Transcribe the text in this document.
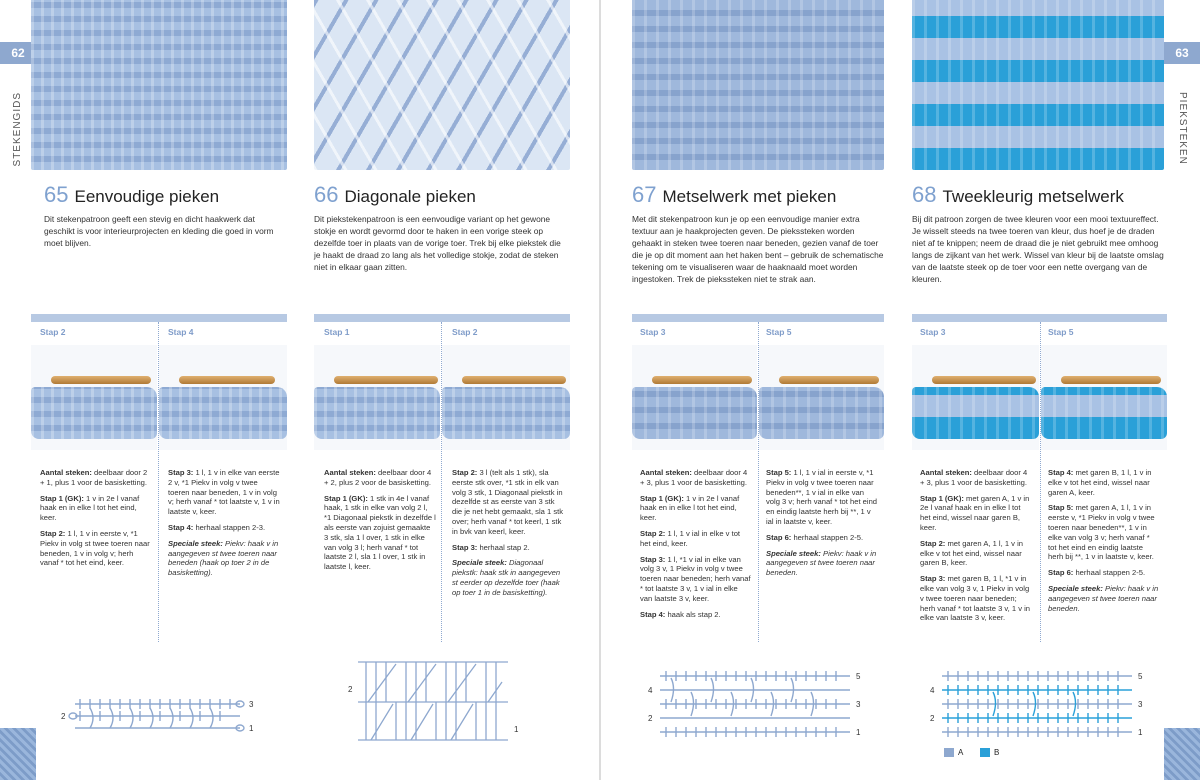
62	63
STEKENGIDS	PIEKSTEKEN
65 Eenvoudige pieken	66 Diagonale pieken	67 Metselwerk met pieken	68 Tweekleurig metselwerk

Dit stekenpatroon geeft een stevig en dicht haakwerk dat geschikt is voor interieurprojecten en kleding die goed in vorm moet blijven.

Dit piekstekenpatroon is een eenvoudige variant op het gewone stokje en wordt gevormd door te haken in een vorige steek op dezelfde toer in plaats van de vorige toer. Trek bij elke piekstek die je haakt de draad zo lang als het volledige stokje, zodat de steken niet in elkaar gaan zitten.

Met dit stekenpatroon kun je op een eenvoudige manier extra textuur aan je haakprojecten geven. De piekssteken worden gehaakt in steken twee toeren naar beneden, gezien vanaf de toer die je op dit moment aan het haken bent – gebruik de schematische tekening om te visualiseren waar de haaknaald moet worden ingestoken. Trek de piekssteken niet te strak aan.

Bij dit patroon zorgen de twee kleuren voor een mooi textuureffect. Je wisselt steeds na twee toeren van kleur, dus hoef je de draden niet af te knippen; neem de draad die je niet gebruikt mee omhoog langs de zijkant van het werk. Wissel van kleur bij de laatste omslag van de laatste steek op de toer voor een nette overgang van de kleuren.

Stap 2	Stap 4	Stap 1	Stap 2	Stap 3	Stap 5	Stap 3	Stap 5

Aantal steken: deelbaar door 2 + 1, plus 1 voor de basisketting.

Stap 1 (GK): 1 v in 2e l vanaf haak en in elke l tot het eind, keer.

Stap 2: 1 l, 1 v in eerste v, *1 Piekv in volg st twee toeren naar beneden, 1 v in volg v; herh vanaf * tot het eind, keer.

Stap 3: 1 l, 1 v in elke van eerste 2 v, *1 Piekv in volg v twee toeren naar beneden, 1 v in volg v; herh vanaf * tot laatste v, 1 v in laatste v, keer.

Stap 4: herhaal stappen 2-3.

Speciale steek: Piekv: haak v in aangegeven st twee toeren naar beneden (haak op toer 2 in de basisketting).

Aantal steken: deelbaar door 4 + 2, plus 2 voor de basisketting.

Stap 1 (GK): 1 stk in 4e l vanaf haak, 1 stk in elke van volg 2 l, *1 Diagonaal piekstk in dezelfde l als eerste van zojuist gemaakte 3 stk, sla 1 l over, 1 stk in elke van volg 3 l; herh vanaf * tot laatste 2 l, sla 1 l over, 1 stk in laatste l, keer.

Stap 2: 3 l (telt als 1 stk), sla eerste stk over, *1 stk in elk van volg 3 stk, 1 Diagonaal piekstk in dezelfde st as eerste van 3 stk die je net hebt gemaakt, sla 1 stk over; herh vanaf * tot keerl, 1 stk in bvk van keerl, keer.

Stap 3: herhaal stap 2.

Speciale steek: Diagonaal piekstk: haak stk in aangegeven st eerder op dezelfde toer (haak op toer 1 in de basisketting).

Aantal steken: deelbaar door 4 + 3, plus 1 voor de basisketting.

Stap 1 (GK): 1 v in 2e l vanaf haak en in elke l tot het eind, keer.

Stap 2: 1 l, 1 v ial in elke v tot het eind, keer.

Stap 3: 1 l, *1 v ial in elke van volg 3 v, 1 Piekv in volg v twee toeren naar beneden; herh vanaf * tot laatste 3 v, 1 v ial in elke van laatste 3 v, keer.

Stap 4: haak als stap 2.

Stap 5: 1 l, 1 v ial in eerste v, *1 Piekv in volg v twee toeren naar beneden**, 1 v ial in elke van volg 3 v; herh vanaf * tot het eind en eindig laatste herh bij **, 1 v ial in laatste v, keer.

Stap 6: herhaal stappen 2-5.

Speciale steek: Piekv: haak v in aangegeven st twee toeren naar beneden.

Aantal steken: deelbaar door 4 + 3, plus 1 voor de basisketting.

Stap 1 (GK): met garen A, 1 v in 2e l vanaf haak en in elke l tot het eind, wissel naar garen B, keer.

Stap 2: met garen A, 1 l, 1 v in elke v tot het eind, wissel naar garen B, keer.

Stap 3: met garen B, 1 l, *1 v in elke van volg 3 v, 1 Piekv in volg v twee toeren naar beneden; herh vanaf * tot laatste 3 v, 1 v in elke van laatste 3 v, keer.

Stap 4: met garen B, 1 l, 1 v in elke v tot het eind, wissel naar garen A, keer.

Stap 5: met garen A, 1 l, 1 v in eerste v, *1 Piekv in volg v twee toeren naar beneden**, 1 v in elke van volg 3 v; herh vanaf * tot het eind en eindig laatste herh bij **, 1 v in laatste v, keer.

Stap 6: herhaal stappen 2-5.

Speciale steek: Piekv: haak v in aangegeven st twee toeren naar beneden.

2
3
1
2
1
4
2
5
3
1
4
2
5
3
1
A	B
